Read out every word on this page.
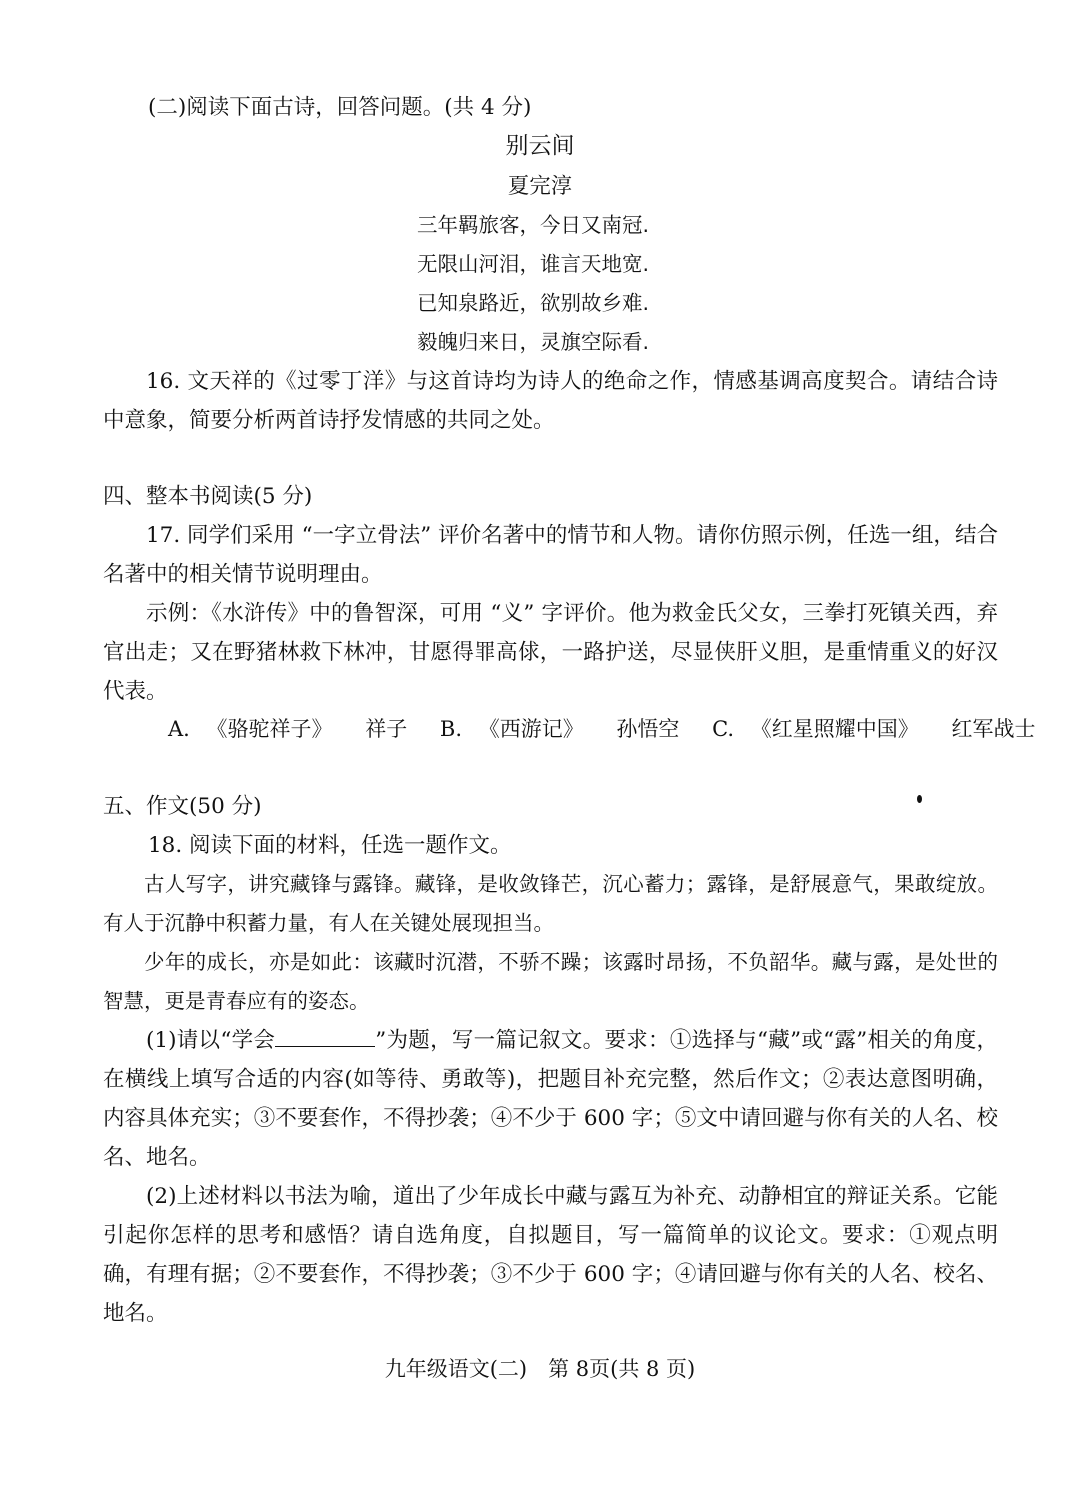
(二)阅读下面古诗，回答问题。(共 4 分)

别云间

夏完淳

三年羁旅客，今日又南冠.
无限山河泪，谁言天地宽.
已知泉路近，欲别故乡难.
毅魄归来日，灵旗空际看.

16. 文天祥的《过零丁洋》与这首诗均为诗人的绝命之作，情感基调高度契合。请结合诗中意象，简要分析两首诗抒发情感的共同之处。

四、整本书阅读(5 分)

17. 同学们采用 “一字立骨法” 评价名著中的情节和人物。请你仿照示例，任选一组，结合名著中的相关情节说明理由。

示例：《水浒传》中的鲁智深，可用 “义” 字评价。他为救金氏父女，三拳打死镇关西，弃官出走；又在野猪林救下林冲，甘愿得罪高俅，一路护送，尽显侠肝义胆，是重情重义的好汉代表。

A. 《骆驼祥子》 祥子 B. 《西游记》 孙悟空 C. 《红星照耀中国》 红军战士

五、作文(50 分)

18. 阅读下面的材料，任选一题作文。

古人写字，讲究藏锋与露锋。藏锋，是收敛锋芒，沉心蓄力；露锋，是舒展意气，果敢绽放。有人于沉静中积蓄力量，有人在关键处展现担当。

少年的成长，亦是如此：该藏时沉潜，不骄不躁；该露时昂扬，不负韶华。藏与露，是处世的智慧，更是青春应有的姿态。

(1)请以“学会	”为题，写一篇记叙文。要求：①选择与“藏”或“露”相关的角度，在横线上填写合适的内容(如等待、勇敢等)，把题目补充完整，然后作文；②表达意图明确，内容具体充实；③不要套作，不得抄袭；④不少于 600 字；⑤文中请回避与你有关的人名、校名、地名。

(2)上述材料以书法为喻，道出了少年成长中藏与露互为补充、动静相宜的辩证关系。它能引起你怎样的思考和感悟？请自选角度，自拟题目，写一篇简单的议论文。要求：①观点明确，有理有据；②不要套作，不得抄袭；③不少于 600 字；④请回避与你有关的人名、校名、地名。

九年级语文(二)　第 8页(共 8 页)
